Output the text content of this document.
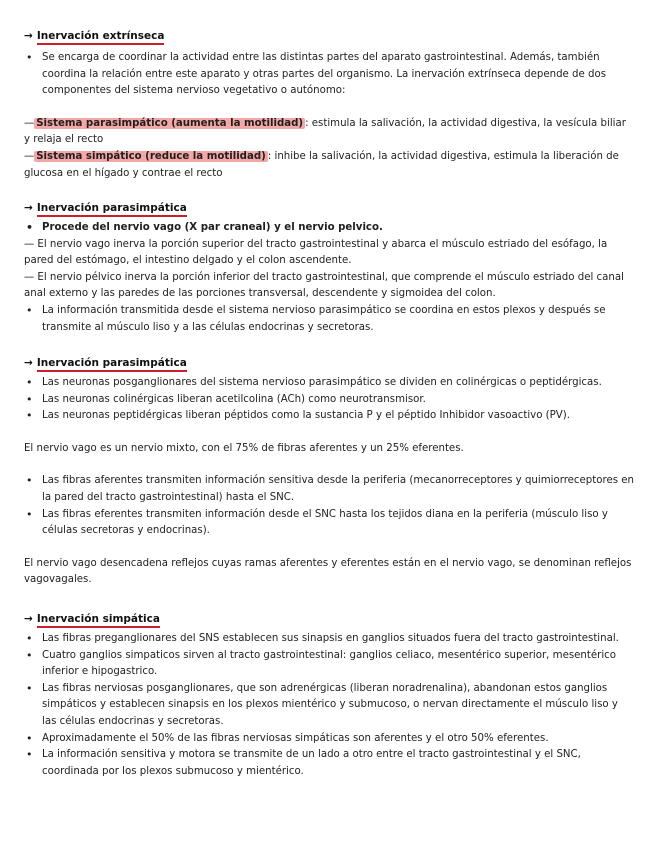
→ Inervación extrínseca
• Se encarga de coordinar la actividad entre las distintas partes del aparato gastrointestinal. Además, también coordina la relación entre este aparato y otras partes del organismo. La inervación extrínseca depende de dos componentes del sistema nervioso vegetativo o autónomo:
— Sistema parasimpático (aumenta la motilidad) : estimula la salivación, la actividad digestiva, la vesícula biliar y relaja el recto
— Sistema simpático (reduce la motilidad) : inhibe la salivación, la actividad digestiva, estimula la liberación de glucosa en el hígado y contrae el recto
→ Inervación parasimpática
• Procede del nervio vago (X par craneal) y el nervio pelvico.
— El nervio vago inerva la porción superior del tracto gastrointestinal y abarca el músculo estriado del esófago, la pared del estómago, el intestino delgado y el colon ascendente.
— El nervio pélvico inerva la porción inferior del tracto gastrointestinal, que comprende el músculo estriado del canal anal externo y las paredes de las porciones transversal, descendente y sigmoidea del colon.
• La información transmitida desde el sistema nervioso parasimpático se coordina en estos plexos y después se transmite al músculo liso y a las células endocrinas y secretoras.
→ Inervación parasimpática
• Las neuronas posganglionares del sistema nervioso parasimpático se dividen en colinérgicas o peptidérgicas.
• Las neuronas colinérgicas liberan acetilcolina (ACh) como neurotransmisor.
• Las neuronas peptidérgicas liberan péptidos como la sustancia P y el péptido Inhibidor vasoactivo (PV).
El nervio vago es un nervio mixto, con el 75% de fibras aferentes y un 25% eferentes.
• Las fibras aferentes transmiten información sensitiva desde la periferia (mecanorreceptores y quimiorreceptores en la pared del tracto gastrointestinal) hasta el SNC.
• Las fibras eferentes transmiten información desde el SNC hasta los tejidos diana en la periferia (músculo liso y células secretoras y endocrinas).
El nervio vago desencadena reflejos cuyas ramas aferentes y eferentes están en el nervio vago, se denominan reflejos vagovagales.
→ Inervación simpática
• Las fibras preganglionares del SNS establecen sus sinapsis en ganglios situados fuera del tracto gastrointestinal.
• Cuatro ganglios simpaticos sirven al tracto gastrointestinal: ganglios celiaco, mesentérico superior, mesentérico inferior e hipogastrico.
• Las fibras nerviosas posganglionares, que son adrenérgicas (liberan noradrenalina), abandonan estos ganglios simpáticos y establecen sinapsis en los plexos mientérico y submucoso, o nervan directamente el músculo liso y las células endocrinas y secretoras.
• Aproximadamente el 50% de las fibras nerviosas simpáticas son aferentes y el otro 50% eferentes.
• La información sensitiva y motora se transmite de un lado a otro entre el tracto gastrointestinal y el SNC, coordinada por los plexos submucoso y mientérico.
